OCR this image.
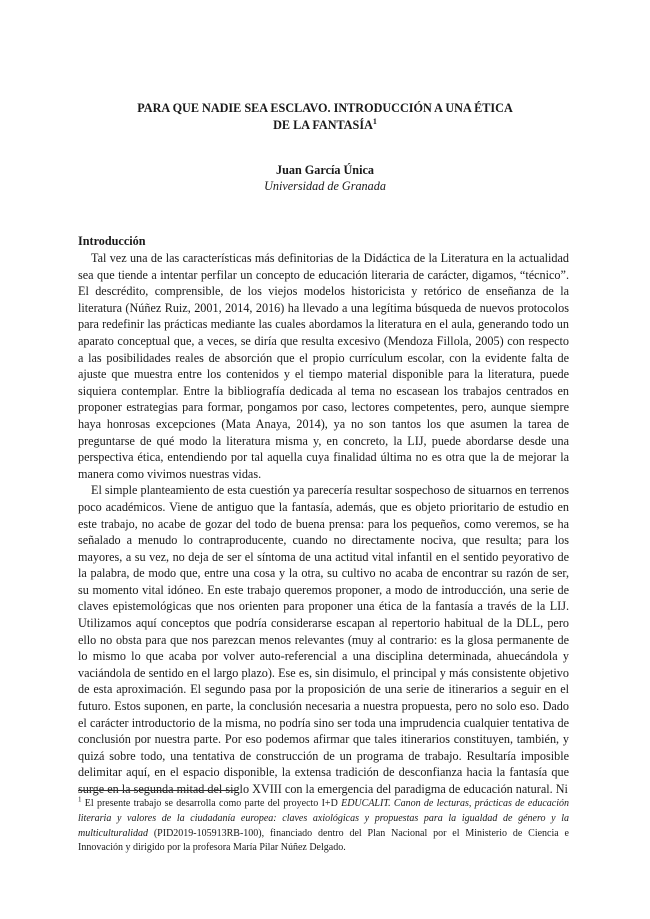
PARA QUE NADIE SEA ESCLAVO. INTRODUCCIÓN A UNA ÉTICA
DE LA FANTASÍA$^1$
Juan García Única
Universidad de Granada
Introducción

Tal vez una de las características más definitorias de la Didáctica de la Literatura en la actualidad sea que tiende a intentar perfilar un concepto de educación literaria de carácter, digamos, “técnico”. El descrédito, comprensible, de los viejos modelos historicista y retórico de enseñanza de la literatura (Núñez Ruiz, 2001, 2014, 2016) ha llevado a una legítima búsqueda de nuevos protocolos para redefinir las prácticas mediante las cuales abordamos la literatura en el aula, generando todo un aparato conceptual que, a veces, se diría que resulta excesivo (Mendoza Fillola, 2005) con respecto a las posibilidades reales de absorción que el propio currículum escolar, con la evidente falta de ajuste que muestra entre los contenidos y el tiempo material disponible para la literatura, puede siquiera contemplar. Entre la bibliografía dedicada al tema no escasean los trabajos centrados en proponer estrategias para formar, pongamos por caso, lectores competentes, pero, aunque siempre haya honrosas excepciones (Mata Anaya, 2014), ya no son tantos los que asumen la tarea de preguntarse de qué modo la literatura misma y, en concreto, la LIJ, puede abordarse desde una perspectiva ética, entendiendo por tal aquella cuya finalidad última no es otra que la de mejorar la manera como vivimos nuestras vidas.

El simple planteamiento de esta cuestión ya parecería resultar sospechoso de situarnos en terrenos poco académicos. Viene de antiguo que la fantasía, además, que es objeto prioritario de estudio en este trabajo, no acabe de gozar del todo de buena prensa: para los pequeños, como veremos, se ha señalado a menudo lo contraproducente, cuando no directamente nociva, que resulta; para los mayores, a su vez, no deja de ser el síntoma de una actitud vital infantil en el sentido peyorativo de la palabra, de modo que, entre una cosa y la otra, su cultivo no acaba de encontrar su razón de ser, su momento vital idóneo. En este trabajo queremos proponer, a modo de introducción, una serie de claves epistemológicas que nos orienten para proponer una ética de la fantasía a través de la LIJ. Utilizamos aquí conceptos que podría considerarse escapan al repertorio habitual de la DLL, pero ello no obsta para que nos parezcan menos relevantes (muy al contrario: es la glosa permanente de lo mismo lo que acaba por volver auto-referencial a una disciplina determinada, ahuecándola y vaciándola de sentido en el largo plazo). Ese es, sin disimulo, el principal y más consistente objetivo de esta aproximación. El segundo pasa por la proposición de una serie de itinerarios a seguir en el futuro. Estos suponen, en parte, la conclusión necesaria a nuestra propuesta, pero no solo eso. Dado el carácter introductorio de la misma, no podría sino ser toda una imprudencia cualquier tentativa de conclusión por nuestra parte. Por eso podemos afirmar que tales itinerarios constituyen, también, y quizá sobre todo, una tentativa de construcción de un programa de trabajo. Resultaría imposible delimitar aquí, en el espacio disponible, la extensa tradición de desconfianza hacia la fantasía que surge en la segunda mitad del siglo XVIII con la emergencia del paradigma de educación natural. Ni

$^1$ El presente trabajo se desarrolla como parte del proyecto I+D EDUCALIT. Canon de lecturas, prácticas de educación literaria y valores de la ciudadanía europea: claves axiológicas y propuestas para la igualdad de género y la multiculturalidad (PID2019-105913RB-100), financiado dentro del Plan Nacional por el Ministerio de Ciencia e Innovación y dirigido por la profesora María Pilar Núñez Delgado.
